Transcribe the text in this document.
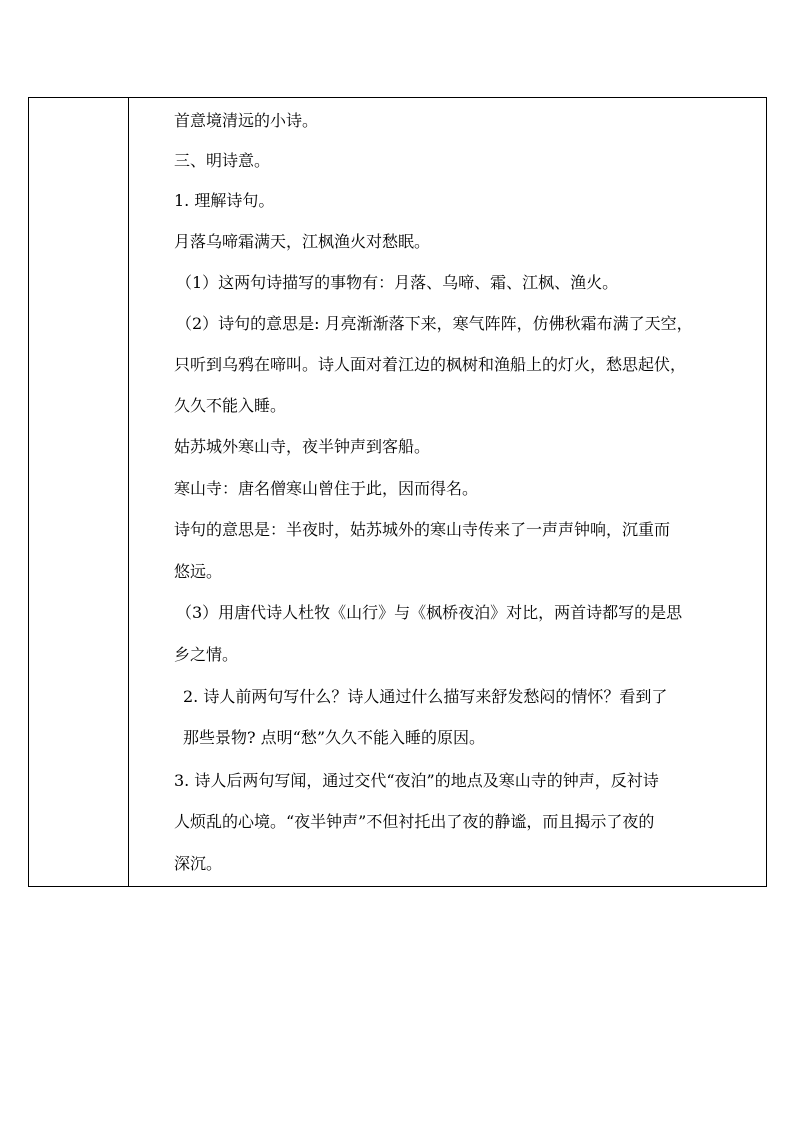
首意境清远的小诗。
三、明诗意。
1. 理解诗句。
月落乌啼霜满天，江枫渔火对愁眠。
（1）这两句诗描写的事物有：月落、乌啼、霜、江枫、渔火。
（2）诗句的意思是: 月亮渐渐落下来，寒气阵阵，仿佛秋霜布满了天空，
只听到乌鸦在啼叫。诗人面对着江边的枫树和渔船上的灯火，愁思起伏，
久久不能入睡。
姑苏城外寒山寺，夜半钟声到客船。
寒山寺：唐名僧寒山曾住于此，因而得名。
诗句的意思是：半夜时，姑苏城外的寒山寺传来了一声声钟响，沉重而
悠远。
（3）用唐代诗人杜牧《山行》与《枫桥夜泊》对比，两首诗都写的是思
乡之情。
2. 诗人前两句写什么？诗人通过什么描写来舒发愁闷的情怀？看到了
那些景物? 点明“愁”久久不能入睡的原因。
3. 诗人后两句写闻，通过交代“夜泊”的地点及寒山寺的钟声，反衬诗
人烦乱的心境。“夜半钟声”不但衬托出了夜的静谧，而且揭示了夜的
深沉。
